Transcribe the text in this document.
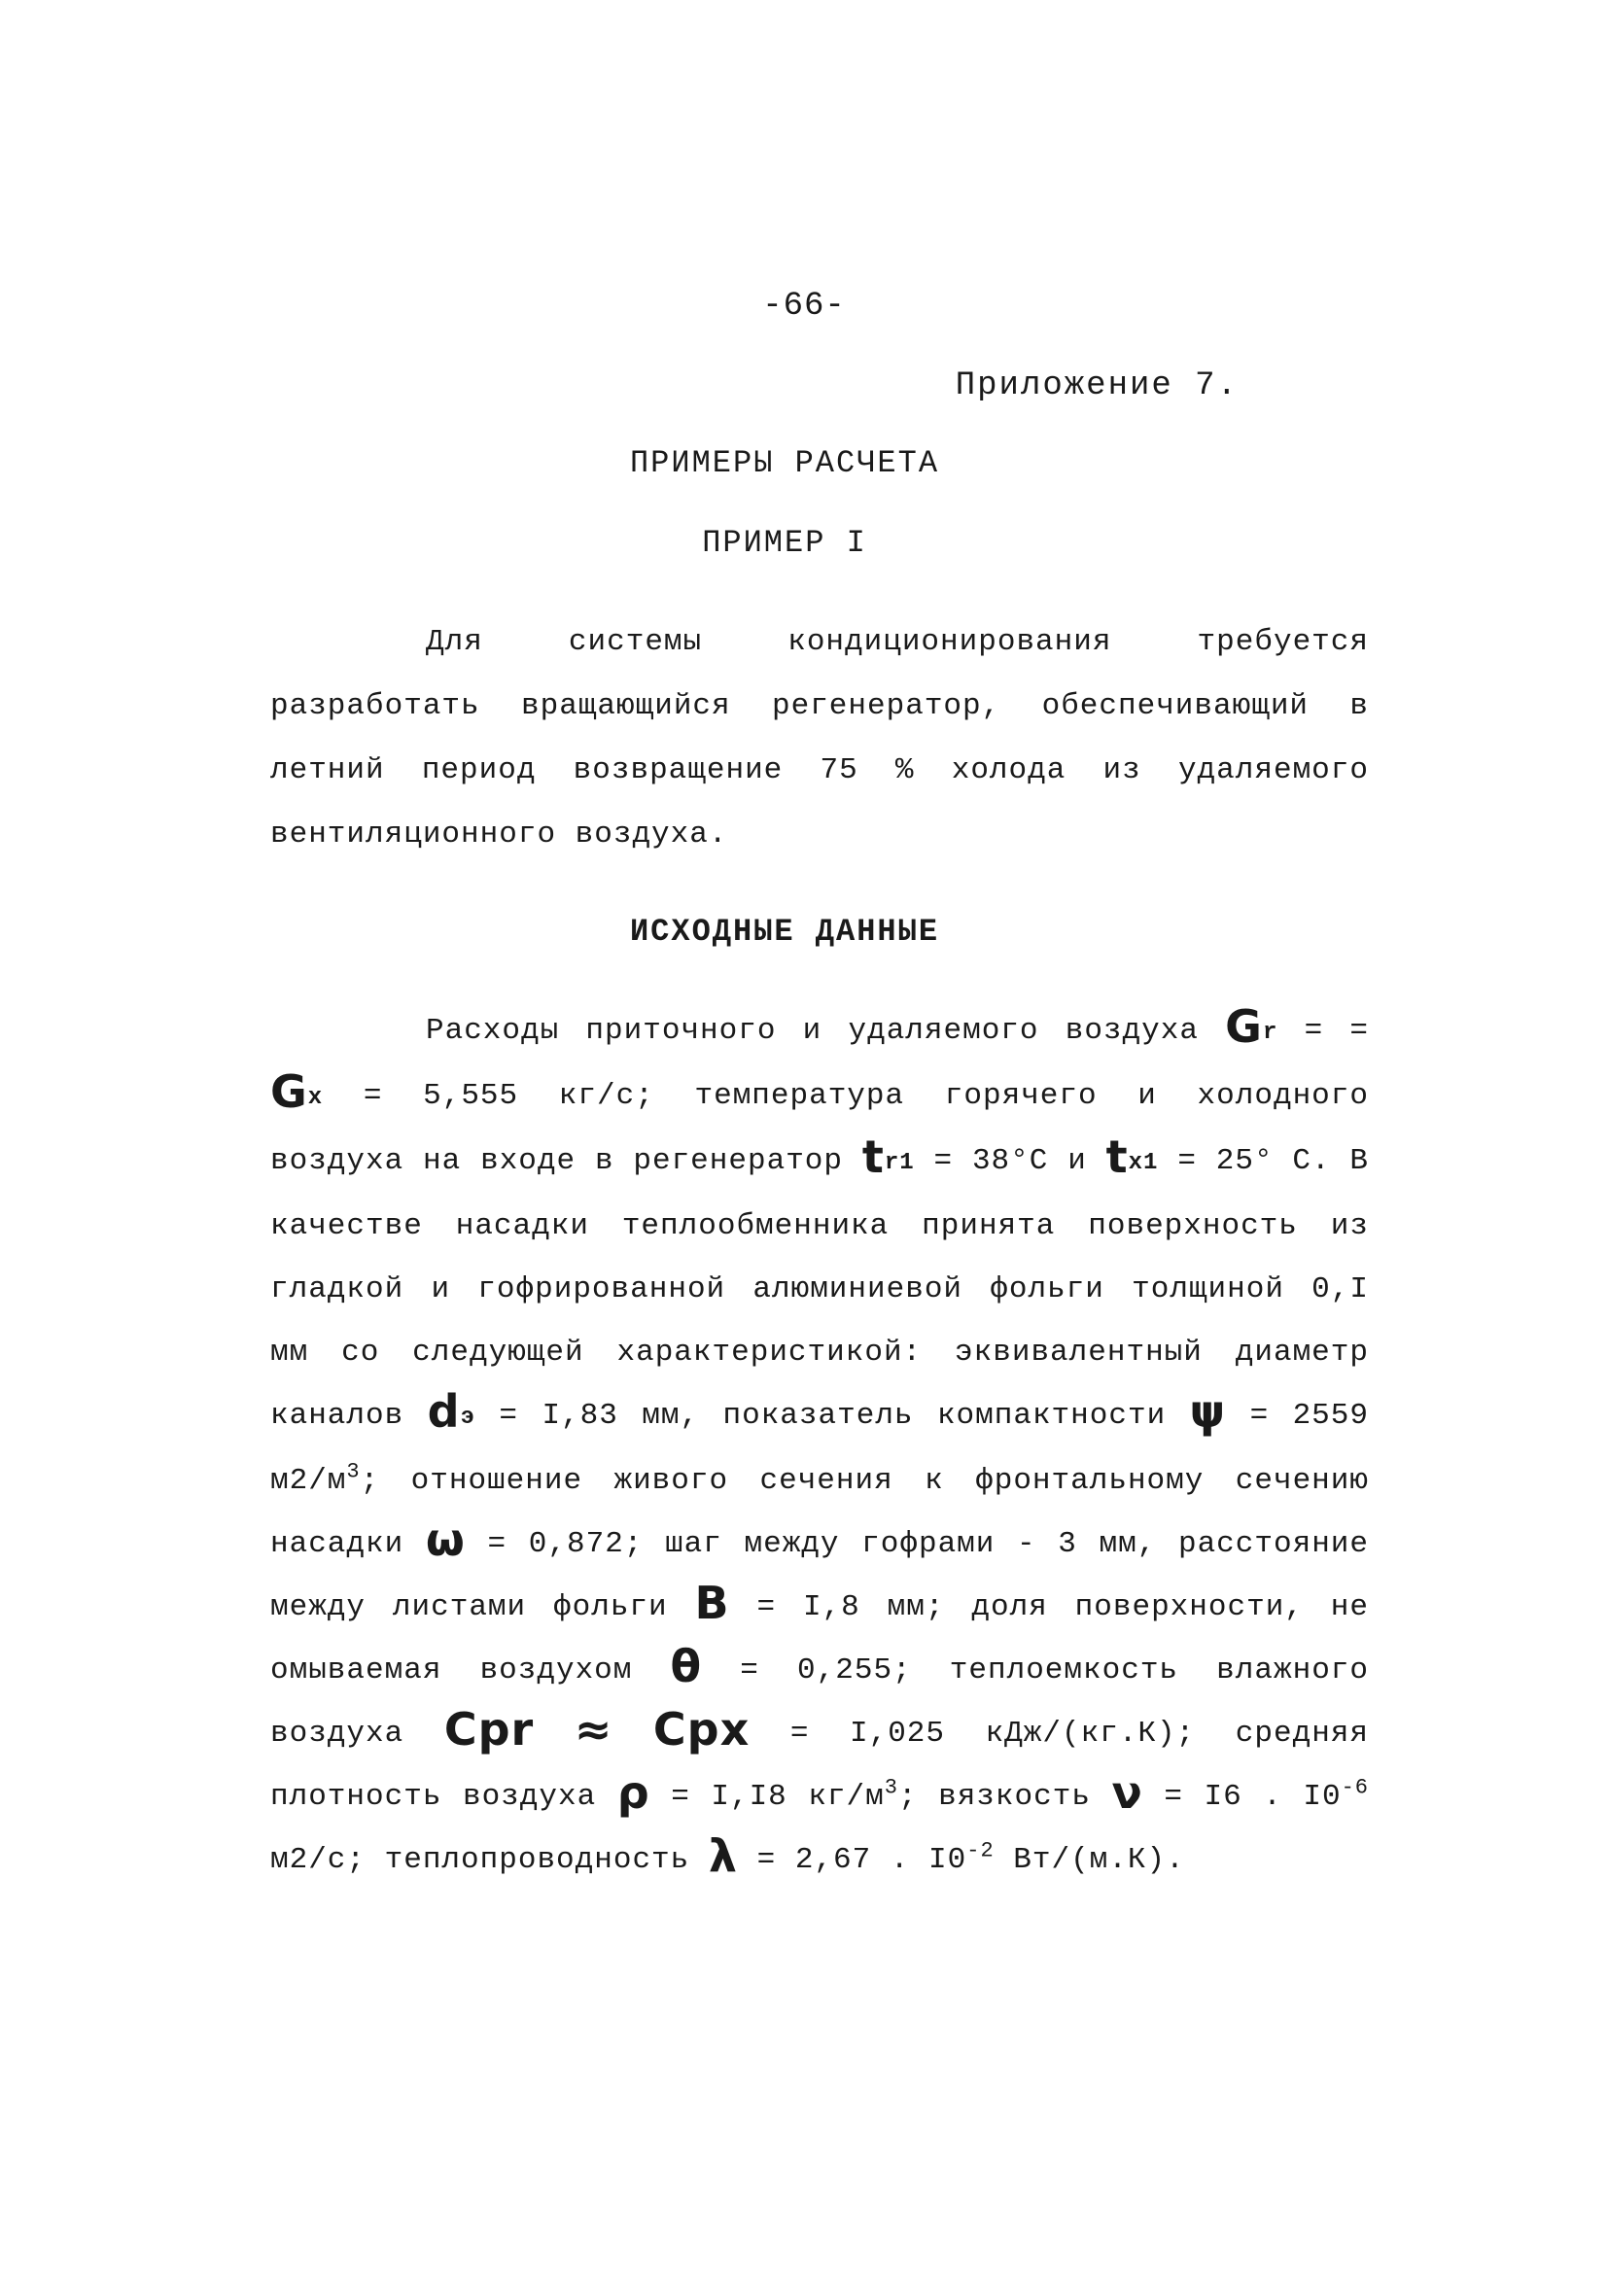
-66-
Приложение 7.
ПРИМЕРЫ РАСЧЕТА
ПРИМЕР I
Для системы кондиционирования требуется разработать вращающийся регенератор, обеспечивающий в летний период возвращение 75 % холода из удаляемого вентиляционного воздуха.
ИСХОДНЫЕ ДАННЫЕ
Расходы приточного и удаляемого воздуха Gr = = Gx = 5,555 кг/с; температура горячего и холодного воздуха на входе в регенератор tr1 = 38°С и tx1 = 25° С. В качестве насадки теплообменника принята поверхность из гладкой и гофрированной алюминиевой фольги толщиной 0,I мм со следующей характеристикой: эквивалентный диаметр каналов dэ = I,83 мм, показатель компактности ψ = 2559 $м2/м^3$; отношение живого сечения к фронтальному сечению насадки ω = 0,872; шаг между гофрами - 3 мм, расстояние между листами фольги B = I,8 мм; доля поверхности, не омываемая воздухом θ = 0,255; теплоемкость влажного воздуха Cpr ≈ Cpx = I,025 кДж/(кг.К); средняя плотность воздуха ρ = I,I8 $кг/м^3$; вязкость ν = I6 . $I0^{-6}$ м2/с; теплопроводность λ = 2,67 . $I0^{-2}$ Вт/(м.К).
